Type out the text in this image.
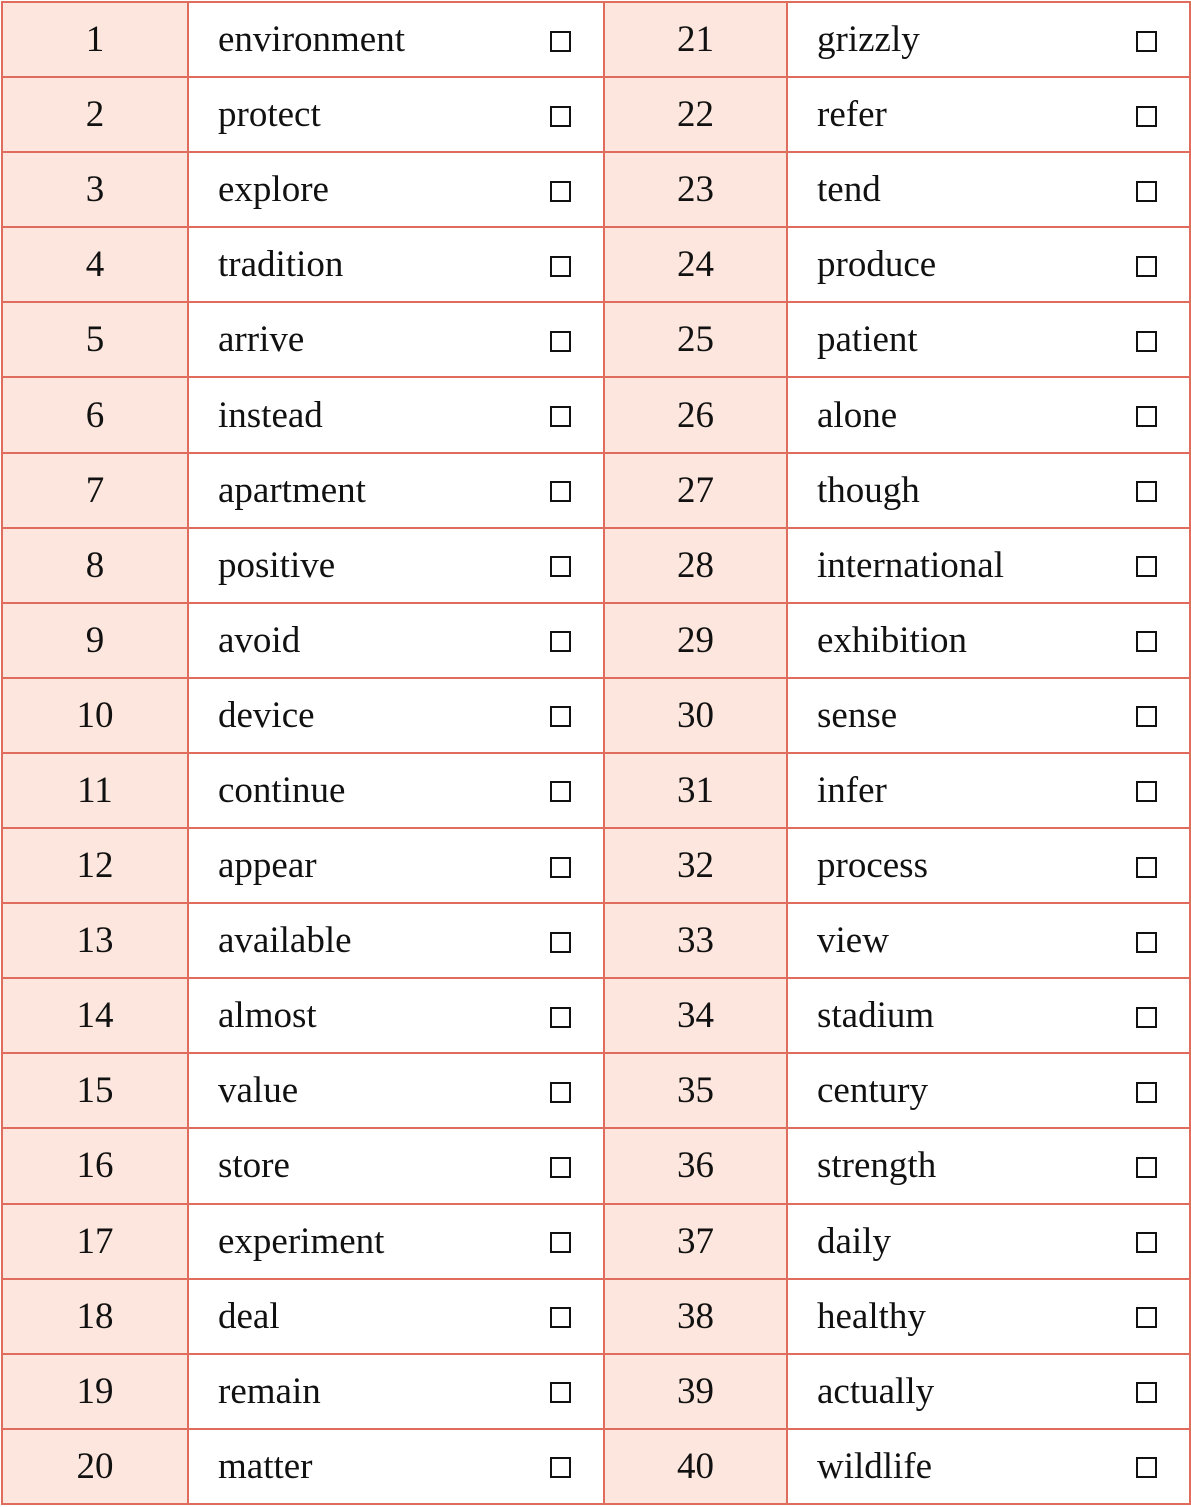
1	environment	21	grizzly

2	protect	22	refer

3	explore	23	tend

4	tradition	24	produce

5	arrive	25	patient

6	instead	26	alone

7	apartment	27	though

8	positive	28	international

9	avoid	29	exhibition

10	device	30	sense

11	continue	31	infer

12	appear	32	process

13	available	33	view

14	almost	34	stadium

15	value	35	century

16	store	36	strength

17	experiment	37	daily

18	deal	38	healthy

19	remain	39	actually

20	matter	40	wildlife
